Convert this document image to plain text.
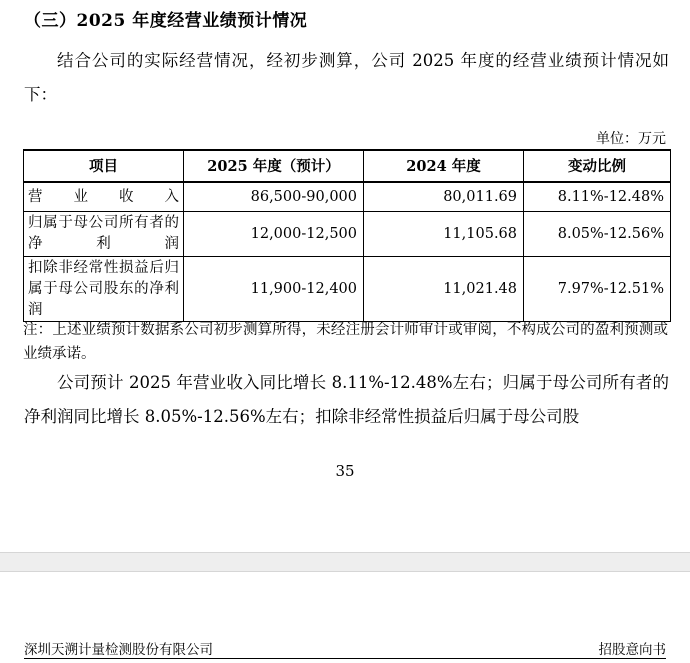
（三）2025 年度经营业绩预计情况
结合公司的实际经营情况，经初步测算，公司 2025 年度的经营业绩预计情况如下：
单位：万元
项目	2025 年度（预计）	2024 年度	变动比例
营业收入	86,500-90,000	80,011.69	8.11%-12.48%
归属于母公司所有者的净利润	12,000-12,500	11,105.68	8.05%-12.56%
扣除非经常性损益后归属于母公司股东的净利润	11,900-12,400	11,021.48	7.97%-12.51%
注：上述业绩预计数据系公司初步测算所得，未经注册会计师审计或审阅，不构成公司的盈利预测或业绩承诺。
公司预计 2025 年营业收入同比增长 8.11%-12.48%左右；归属于母公司所有者的净利润同比增长 8.05%-12.56%左右；扣除非经常性损益后归属于母公司股
35
深圳天溯计量检测股份有限公司	招股意向书
